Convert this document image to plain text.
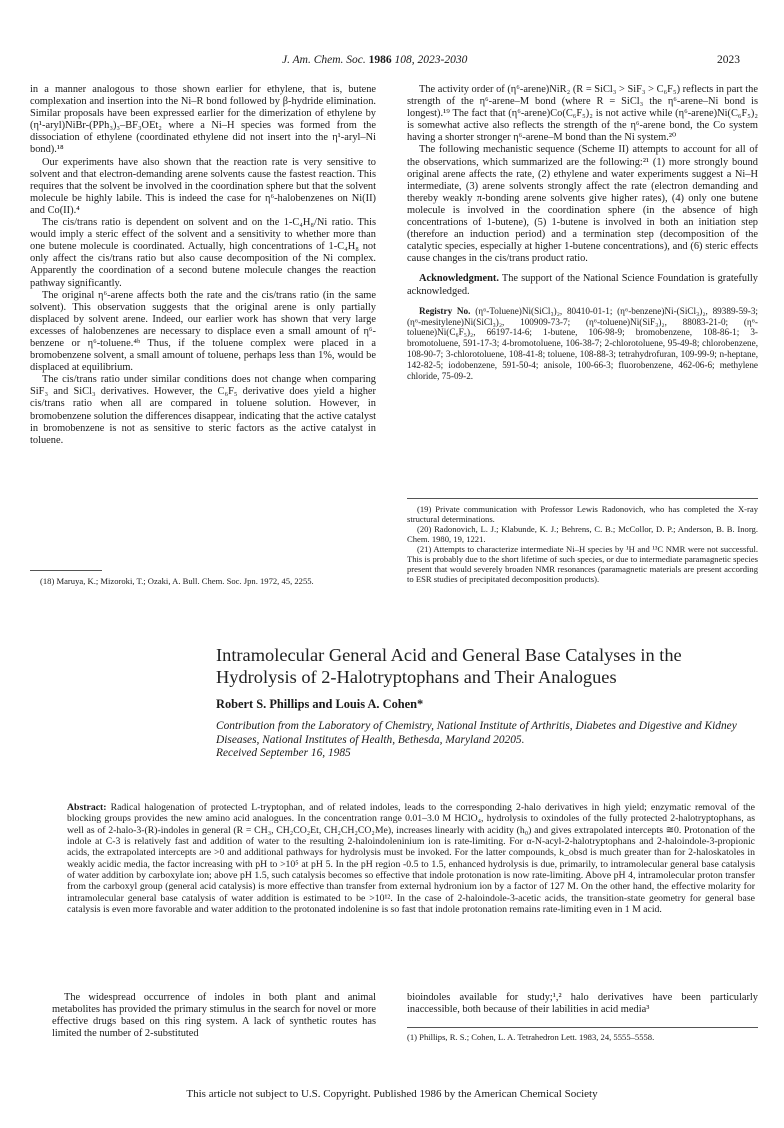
J. Am. Chem. Soc. 1986 108, 2023-2030	2023

in a manner analogous to those shown earlier for ethylene, that is, butene complexation and insertion into the Ni–R bond followed by β-hydride elimination. Similar proposals have been expressed earlier for the dimerization of ethylene by (η¹-aryl)NiBr-(PPh₃)₃–BF₃OEt₂ where a Ni–H species was formed from the dissociation of ethylene (coordinated ethylene did not insert into the η¹-aryl–Ni bond).¹⁸

Our experiments have also shown that the reaction rate is very sensitive to solvent and that electron-demanding arene solvents cause the fastest reaction. This requires that the solvent be involved in the coordination sphere but that the solvent molecule be highly labile. This is indeed the case for η⁶-halobenzenes on Ni(II) and Co(II).⁴

The cis/trans ratio is dependent on solvent and on the 1-C₄H₈/Ni ratio. This would imply a steric effect of the solvent and a sensitivity to whether more than one butene molecule is coordinated. Actually, high concentrations of 1-C₄H₈ not only affect the cis/trans ratio but also cause decomposition of the Ni complex. Apparently the coordination of a second butene molecule changes the reaction pathway significantly.

The original η⁶-arene affects both the rate and the cis/trans ratio (in the same solvent). This observation suggests that the original arene is only partially displaced by solvent arene. Indeed, our earlier work has shown that very large excesses of halobenzenes are necessary to displace even a small amount of η⁶-benzene or η⁶-toluene.⁴ᵇ Thus, if the toluene complex were placed in a bromobenzene solvent, a small amount of toluene, perhaps less than 1%, would be displaced at equilibrium.

The cis/trans ratio under similar conditions does not change when comparing SiF₃ and SiCl₃ derivatives. However, the C₆F₅ derivative does yield a higher cis/trans ratio when all are compared in toluene solution. However, in bromobenzene solution the differences disappear, indicating that the active catalyst in bromobenzene is not as sensitive to steric factors as the active catalyst in toluene.

(18) Maruya, K.; Mizoroki, T.; Ozaki, A. Bull. Chem. Soc. Jpn. 1972, 45, 2255.

The activity order of (η⁶-arene)NiR₂ (R = SiCl₃ > SiF₃ > C₆F₅) reflects in part the strength of the η⁶-arene–M bond (where R = SiCl₃ the η⁶-arene–Ni bond is longest).¹⁹ The fact that (η⁶-arene)Co(C₆F₅)₂ is not active while (η⁶-arene)Ni(C₆F₅)₂ is somewhat active also reflects the strength of the η⁶-arene bond, the Co system having a shorter stronger η⁶-arene–M bond than the Ni system.²⁰

The following mechanistic sequence (Scheme II) attempts to account for all of the observations, which summarized are the following:²¹ (1) more strongly bound original arene affects the rate, (2) ethylene and water experiments suggest a Ni–H intermediate, (3) arene solvents strongly affect the rate (electron demanding and thereby weakly π-bonding arene solvents give higher rates), (4) only one butene molecule is involved in the coordination sphere (in the absence of high concentrations of 1-butene), (5) 1-butene is involved in both an initiation step (therefore an induction period) and a termination step (decomposition of the catalytic species, especially at higher 1-butene concentrations), and (6) steric effects cause changes in the cis/trans product ratio.

Acknowledgment. The support of the National Science Foundation is gratefully acknowledged.

Registry No. (η⁶-Toluene)Ni(SiCl₃)₂, 80410-01-1; (η⁶-benzene)Ni-(SiCl₃)₂, 89389-59-3; (η⁶-mesitylene)Ni(SiCl₃)₂, 100909-73-7; (η⁶-toluene)Ni(SiF₃)₂, 88083-21-0; (η⁶-toluene)Ni(C₆F₅)₂, 66197-14-6; 1-butene, 106-98-9; bromobenzene, 108-86-1; 3-bromotoluene, 591-17-3; 4-bromotoluene, 106-38-7; 2-chlorotoluene, 95-49-8; chlorobenzene, 108-90-7; 3-chlorotoluene, 108-41-8; toluene, 108-88-3; tetrahydrofuran, 109-99-9; n-heptane, 142-82-5; iodobenzene, 591-50-4; anisole, 100-66-3; fluorobenzene, 462-06-6; methylene chloride, 75-09-2.

(19) Private communication with Professor Lewis Radonovich, who has completed the X-ray structural determinations.

(20) Radonovich, L. J.; Klabunde, K. J.; Behrens, C. B.; McCollor, D. P.; Anderson, B. B. Inorg. Chem. 1980, 19, 1221.

(21) Attempts to characterize intermediate Ni–H species by ¹H and ¹³C NMR were not successful. This is probably due to the short lifetime of such species, or due to intermediate paramagnetic species present that would severely broaden NMR resonances (paramagnetic materials are present according to ESR studies of precipitated decomposition products).

Intramolecular General Acid and General Base Catalyses in the Hydrolysis of 2-Halotryptophans and Their Analogues
Robert S. Phillips and Louis A. Cohen*
Contribution from the Laboratory of Chemistry, National Institute of Arthritis, Diabetes and Digestive and Kidney Diseases, National Institutes of Health, Bethesda, Maryland 20205.
Received September 16, 1985
Abstract: Radical halogenation of protected L-tryptophan, and of related indoles, leads to the corresponding 2-halo derivatives in high yield; enzymatic removal of the blocking groups provides the new amino acid analogues. In the concentration range 0.01–3.0 M HClO₄, hydrolysis to oxindoles of the fully protected 2-halotryptophans, as well as of 2-halo-3-(R)-indoles in general (R = CH₃, CH₂CO₂Et, CH₂CH₂CO₂Me), increases linearly with acidity (h₀) and gives extrapolated intercepts ≅0. Protonation of the indole at C-3 is relatively fast and addition of water to the resulting 2-haloindoleninium ion is rate-limiting. For α-N-acyl-2-halotryptophans and 2-haloindole-3-propionic acids, the extrapolated intercepts are >0 and additional pathways for hydrolysis must be invoked. For the latter compounds, k_obsd is much greater than for 2-haloskatoles in weakly acidic media, the factor increasing with pH to >10⁵ at pH 5. In the pH region -0.5 to 1.5, enhanced hydrolysis is due, primarily, to intramolecular general base catalysis of water addition by carboxylate ion; above pH 1.5, such catalysis becomes so effective that indole protonation is now rate-limiting. Above pH 4, intramolecular proton transfer from the carboxyl group (general acid catalysis) is more effective than transfer from external hydronium ion by a factor of 127 M. On the other hand, the effective molarity for intramolecular general base catalysis of water addition is estimated to be >10¹². In the case of 2-haloindole-3-acetic acids, the transition-state geometry for general base catalysis is even more favorable and water addition to the protonated indolenine is so fast that indole protonation remains rate-limiting even in 1 M acid.

The widespread occurrence of indoles in both plant and animal metabolites has provided the primary stimulus in the search for novel or more effective drugs based on this ring system. A lack of synthetic routes has limited the number of 2-substituted

bioindoles available for study;¹,² halo derivatives have been particularly inaccessible, both because of their labilities in acid media³

(1) Phillips, R. S.; Cohen, L. A. Tetrahedron Lett. 1983, 24, 5555–5558.
This article not subject to U.S. Copyright. Published 1986 by the American Chemical Society
